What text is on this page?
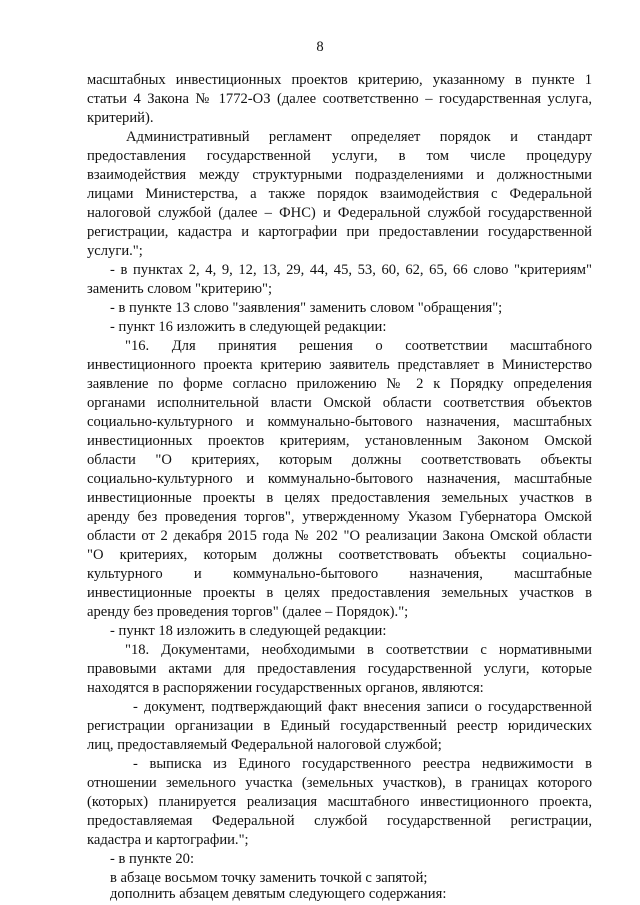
8
масштабных инвестиционных проектов критерию, указанному в пункте 1
статьи 4 Закона № 1772-ОЗ (далее соответственно – государственная услуга,
критерий).
Административный регламент определяет порядок и стандарт
предоставления государственной услуги, в том числе процедуру
взаимодействия между структурными подразделениями и должностными
лицами Министерства, а также порядок взаимодействия с Федеральной
налоговой службой (далее – ФНС) и Федеральной службой государственной
регистрации, кадастра и картографии при предоставлении государственной
услуги.";
- в пунктах 2, 4, 9, 12, 13, 29, 44, 45, 53, 60, 62, 65, 66 слово "критериям"
заменить словом "критерию";
- в пункте 13 слово "заявления" заменить словом "обращения";
- пункт 16 изложить в следующей редакции:
"16. Для принятия решения о соответствии масштабного
инвестиционного проекта критерию заявитель представляет в Министерство
заявление по форме согласно приложению № 2 к Порядку определения
органами исполнительной власти Омской области соответствия объектов
социально-культурного и коммунально-бытового назначения, масштабных
инвестиционных проектов критериям, установленным Законом Омской
области "О критериях, которым должны соответствовать объекты
социально-культурного и коммунально-бытового назначения, масштабные
инвестиционные проекты в целях предоставления земельных участков в
аренду без проведения торгов", утвержденному Указом Губернатора Омской
области от 2 декабря 2015 года № 202 "О реализации Закона Омской области
"О критериях, которым должны соответствовать объекты социально-
культурного и коммунально-бытового назначения, масштабные
инвестиционные проекты в целях предоставления земельных участков в
аренду без проведения торгов" (далее – Порядок).";
- пункт 18 изложить в следующей редакции:
"18. Документами, необходимыми в соответствии с нормативными
правовыми актами для предоставления государственной услуги, которые
находятся в распоряжении государственных органов, являются:
- документ, подтверждающий факт внесения записи о государственной
регистрации организации в Единый государственный реестр юридических
лиц, предоставляемый Федеральной налоговой службой;
- выписка из Единого государственного реестра недвижимости в
отношении земельного участка (земельных участков), в границах которого
(которых) планируется реализация масштабного инвестиционного проекта,
предоставляемая Федеральной службой государственной регистрации,
кадастра и картографии.";
- в пункте 20:
в абзаце восьмом точку заменить точкой с запятой;
дополнить абзацем девятым следующего содержания:
